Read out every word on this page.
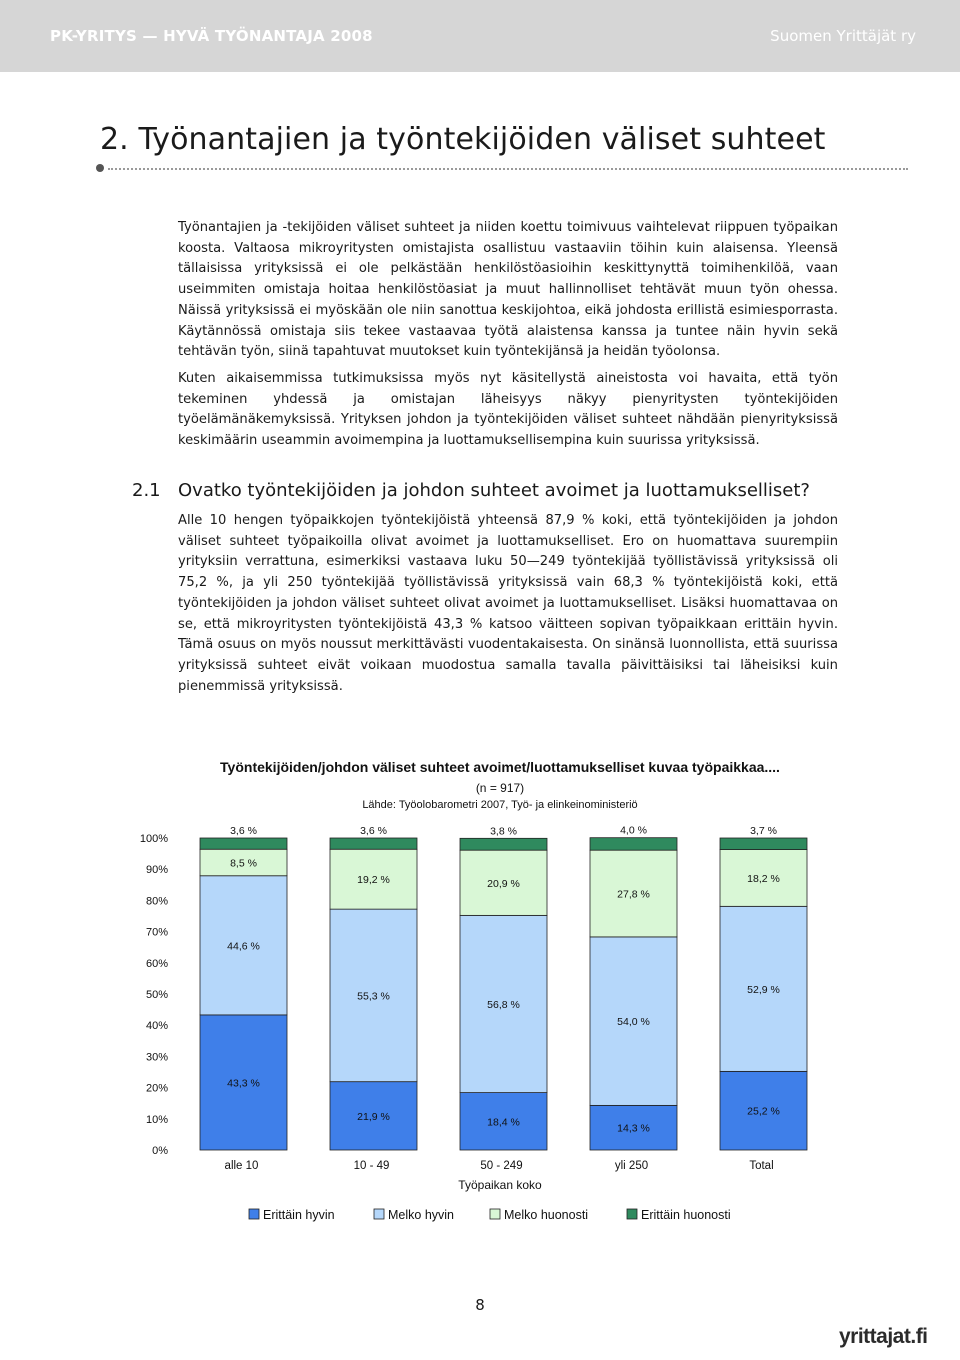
PK-YRITYS — HYVÄ TYÖNANTAJA 2008	Suomen Yrittäjät ry
2. Työnantajien ja työntekijöiden väliset suhteet

Työnantajien ja -tekijöiden väliset suhteet ja niiden koettu toimivuus vaihtelevat riippuen työpaikan koosta. Valtaosa mikroyritysten omistajista osallistuu vastaaviin töihin kuin alaisensa. Yleensä tällaisissa yrityksissä ei ole pelkästään henkilöstöasioihin keskittynyttä toimihenkilöä, vaan useimmiten omistaja hoitaa henkilöstöasiat ja muut hallinnolliset tehtävät muun työn ohessa. Näissä yrityksissä ei myöskään ole niin sanottua keskijohtoa, eikä johdosta erillistä esimiesporrasta. Käytännössä omistaja siis tekee vastaavaa työtä alaistensa kanssa ja tuntee näin hyvin sekä tehtävän työn, siinä tapahtuvat muutokset kuin työntekijänsä ja heidän työolonsa.

Kuten aikaisemmissa tutkimuksissa myös nyt käsitellystä aineistosta voi havaita, että työn tekeminen yhdessä ja omistajan läheisyys näkyy pienyritysten työntekijöiden työelämänäkemyksissä. Yrityksen johdon ja työntekijöiden väliset suhteet nähdään pienyrityksissä keskimäärin useammin avoimempina ja luottamuksellisempina kuin suurissa yrityksissä.

2.1 Ovatko työntekijöiden ja johdon suhteet avoimet ja luottamukselliset?

Alle 10 hengen työpaikkojen työntekijöistä yhteensä 87,9 % koki, että työntekijöiden ja johdon väliset suhteet työpaikoilla olivat avoimet ja luottamukselliset. Ero on huomattava suurempiin yrityksiin verrattuna, esimerkiksi vastaava luku 50—249 työntekijää työllistävissä yrityksissä oli 75,2 %, ja yli 250 työntekijää työllistävissä yrityksissä vain 68,3 % työntekijöistä koki, että työntekijöiden ja johdon väliset suhteet olivat avoimet ja luottamukselliset. Lisäksi huomattavaa on se, että mikroyritysten työntekijöistä 43,3 % katsoo väitteen sopivan työpaikkaan erittäin hyvin. Tämä osuus on myös noussut merkittävästi vuodentakaisesta. On sinänsä luonnollista, että suurissa yrityksissä suhteet eivät voikaan muodostua samalla tavalla päivittäisiksi tai läheisiksi kuin pienemmissä yrityksissä.

Työntekijöiden/johdon väliset suhteet avoimet/luottamukselliset kuvaa työpaikkaa....
(n = 917)
Lähde: Työolobarometri 2007, Työ- ja elinkeinoministeriö
0%
10%
20%
30%
40%
50%
60%
70%
80%
90%
100%
43,3 %
44,6 %
8,5 %
3,6 %
21,9 %
55,3 %
19,2 %
3,6 %
18,4 %
56,8 %
20,9 %
3,8 %
14,3 %
54,0 %
27,8 %
4,0 %
25,2 %
52,9 %
18,2 %
3,7 %
alle 10	10 - 49	50 - 249	yli 250	Total
Työpaikan koko
Erittäin hyvin	Melko hyvin	Melko huonosti	Erittäin huonosti
8
yrittajat.fi
